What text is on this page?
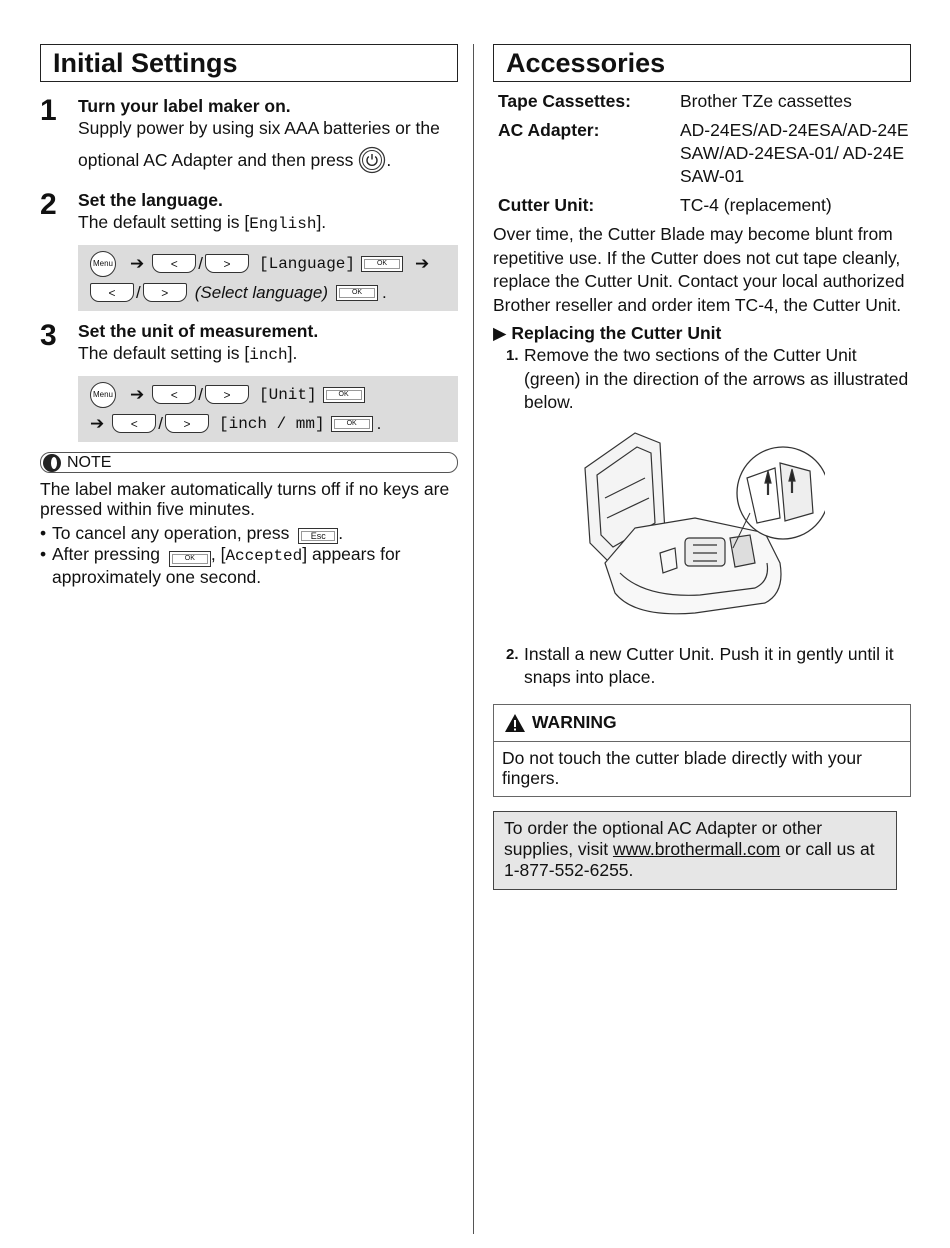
Initial Settings
1 Turn your label maker on.
Supply power by using six AAA batteries or the
optional AC Adapter and then press .
2 Set the language.
The default setting is [English].
Menu ➔	<	/	>	[Language]	OK	➔
<	/	>	(Select language)	OK	.
3 Set the unit of measurement.
The default setting is [inch].
Menu ➔	<	/	>	[Unit]	OK
➔	<	/	>	[inch / mm]	OK	.
NOTE
The label maker automatically turns off if no keys are pressed within five minutes.
• To cancel any operation, press Esc .
• After pressing	OK , [Accepted] appears for approximately one second.
Accessories
Tape Cassettes:	Brother TZe cassettes
AC Adapter:	AD-24ES/AD-24ESA/AD-24ESAW/AD-24ESA-01/ AD-24ESAW-01
Cutter Unit:	TC-4 (replacement)
Over time, the Cutter Blade may become blunt from repetitive use. If the Cutter does not cut tape cleanly, replace the Cutter Unit. Contact your local authorized Brother reseller and order item TC-4, the Cutter Unit.
▶ Replacing the Cutter Unit
1. Remove the two sections of the Cutter Unit (green) in the direction of the arrows as illustrated below.
2. Install a new Cutter Unit. Push it in gently until it snaps into place.
WARNING
Do not touch the cutter blade directly with your fingers.
To order the optional AC Adapter or other supplies, visit www.brothermall.com or call us at 1-877-552-6255.
